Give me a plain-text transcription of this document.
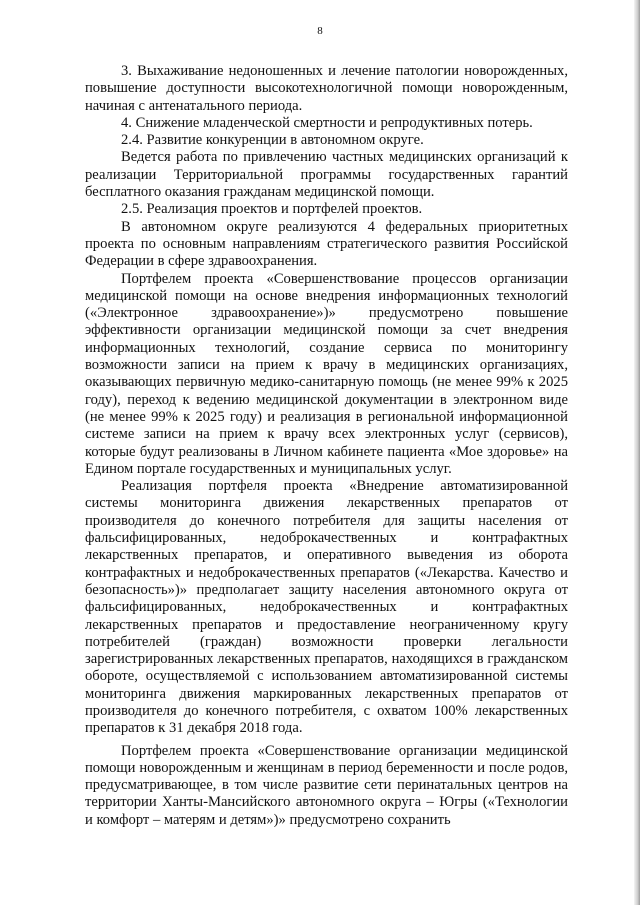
8

3. Выхаживание недоношенных и лечение патологии новорожденных, повышение доступности высокотехнологичной помощи новорожденным, начиная с антенатального периода.

4. Снижение младенческой смертности и репродуктивных потерь.

2.4. Развитие конкуренции в автономном округе.

Ведется работа по привлечению частных медицинских организаций к реализации Территориальной программы государственных гарантий бесплатного оказания гражданам медицинской помощи.

2.5. Реализация проектов и портфелей проектов.

В автономном округе реализуются 4 федеральных приоритетных проекта по основным направлениям стратегического развития Российской Федерации в сфере здравоохранения.

Портфелем проекта «Совершенствование процессов организации медицинской помощи на основе внедрения информационных технологий («Электронное здравоохранение»)» предусмотрено повышение эффективности организации медицинской помощи за счет внедрения информационных технологий, создание сервиса по мониторингу возможности записи на прием к врачу в медицинских организациях, оказывающих первичную медико-санитарную помощь (не менее 99% к 2025 году), переход к ведению медицинской документации в электронном виде (не менее 99% к 2025 году) и реализация в региональной информационной системе записи на прием к врачу всех электронных услуг (сервисов), которые будут реализованы в Личном кабинете пациента «Мое здоровье» на Едином портале государственных и муниципальных услуг.

Реализация портфеля проекта «Внедрение автоматизированной системы мониторинга движения лекарственных препаратов от производителя до конечного потребителя для защиты населения от фальсифицированных, недоброкачественных и контрафактных лекарственных препаратов, и оперативного выведения из оборота контрафактных и недоброкачественных препаратов («Лекарства. Качество и безопасность»)» предполагает защиту населения автономного округа от фальсифицированных, недоброкачественных и контрафактных лекарственных препаратов и предоставление неограниченному кругу потребителей (граждан) возможности проверки легальности зарегистрированных лекарственных препаратов, находящихся в гражданском обороте, осуществляемой с использованием автоматизированной системы мониторинга движения маркированных лекарственных препаратов от производителя до конечного потребителя, с охватом 100% лекарственных препаратов к 31 декабря 2018 года.

Портфелем проекта «Совершенствование организации медицинской помощи новорожденным и женщинам в период беременности и после родов, предусматривающее, в том числе развитие сети перинатальных центров на территории Ханты-Мансийского автономного округа – Югры («Технологии и комфорт – матерям и детям»)» предусмотрено сохранить
